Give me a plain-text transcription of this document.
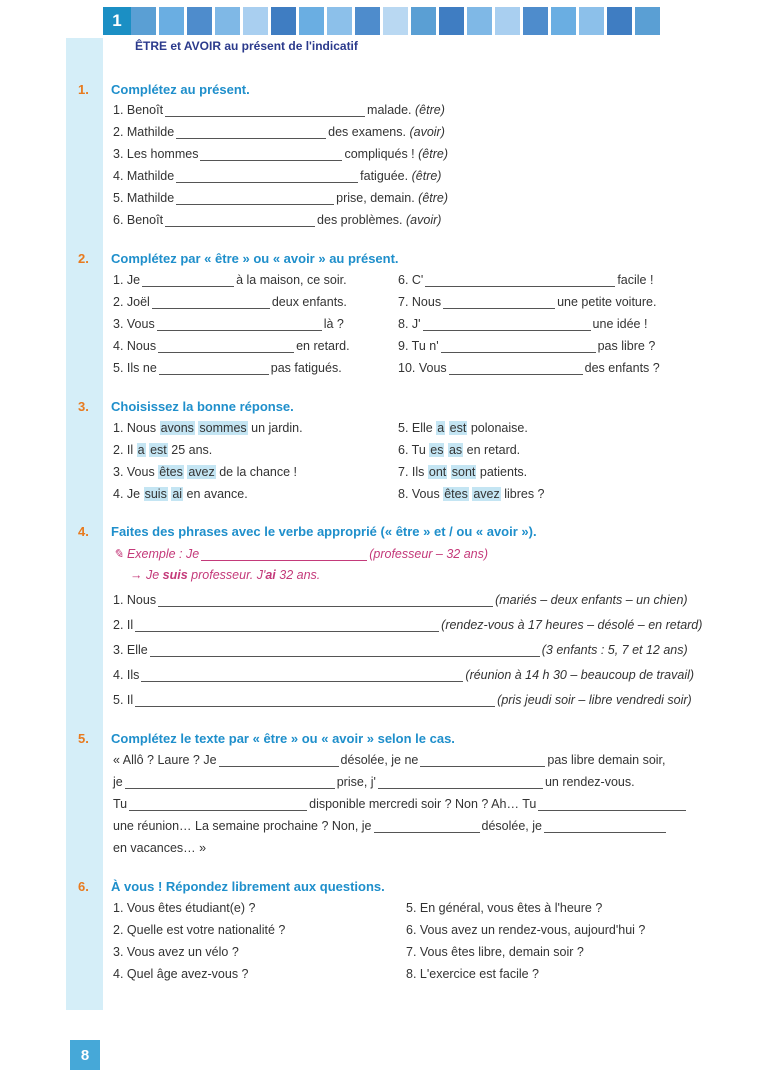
1
ÊTRE et AVOIR au présent de l'indicatif
1. Complétez au présent.
1. Benoît	malade.
(être)
2. Mathilde	des examens.
(avoir)
3. Les hommes	compliqués !
(être)
4. Mathilde	fatiguée.
(être)
5. Mathilde	prise, demain.
(être)
6. Benoît	des problèmes.
(avoir)
2. Complétez par « être » ou « avoir » au présent.
1. Je	à la maison, ce soir.
2. Joël	deux enfants.
3. Vous	là ?
4. Nous	en retard.
5. Ils ne	pas fatigués.
6. C'	facile !
7. Nous	une petite voiture.
8. J'	une idée !
9. Tu n'	pas libre ?
10. Vous	des enfants ?
3. Choisissez la bonne réponse.
1. Nous
avons
sommes
un jardin.
2. Il
a
est
25 ans.
3. Vous
êtes
avez
de la chance !
4. Je
suis
ai
en avance.
5. Elle
a
est
polonaise.
6. Tu
es
as
en retard.
7. Ils
ont
sont
patients.
8. Vous
êtes
avez
libres ?
4. Faites des phrases avec le verbe approprié (« être » et / ou « avoir »).
✎ Exemple : Je	(professeur – 32 ans)
→ Je
suis
professeur. J' ai
32 ans.
1. Nous	(mariés – deux enfants – un chien)
2. Il	(rendez-vous à 17 heures – désolé – en retard)
3. Elle	(3 enfants : 5, 7 et 12 ans)
4. Ils	(réunion à 14 h 30 – beaucoup de travail)
5. Il	(pris jeudi soir – libre vendredi soir)
5. Complétez le texte par « être » ou « avoir » selon le cas.
« Allô ? Laure ? Je	désolée, je ne	pas libre demain soir,
je	prise, j'	un rendez-vous.
Tu	disponible mercredi soir ? Non ? Ah… Tu
une réunion… La semaine prochaine ? Non, je	désolée, je
en vacances… »
6. À vous ! Répondez librement aux questions.
1. Vous êtes étudiant(e) ?
2. Quelle est votre nationalité ?
3. Vous avez un vélo ?
4. Quel âge avez-vous ?
5. En général, vous êtes à l'heure ?
6. Vous avez un rendez-vous, aujourd'hui ?
7. Vous êtes libre, demain soir ?
8. L'exercice est facile ?
8
